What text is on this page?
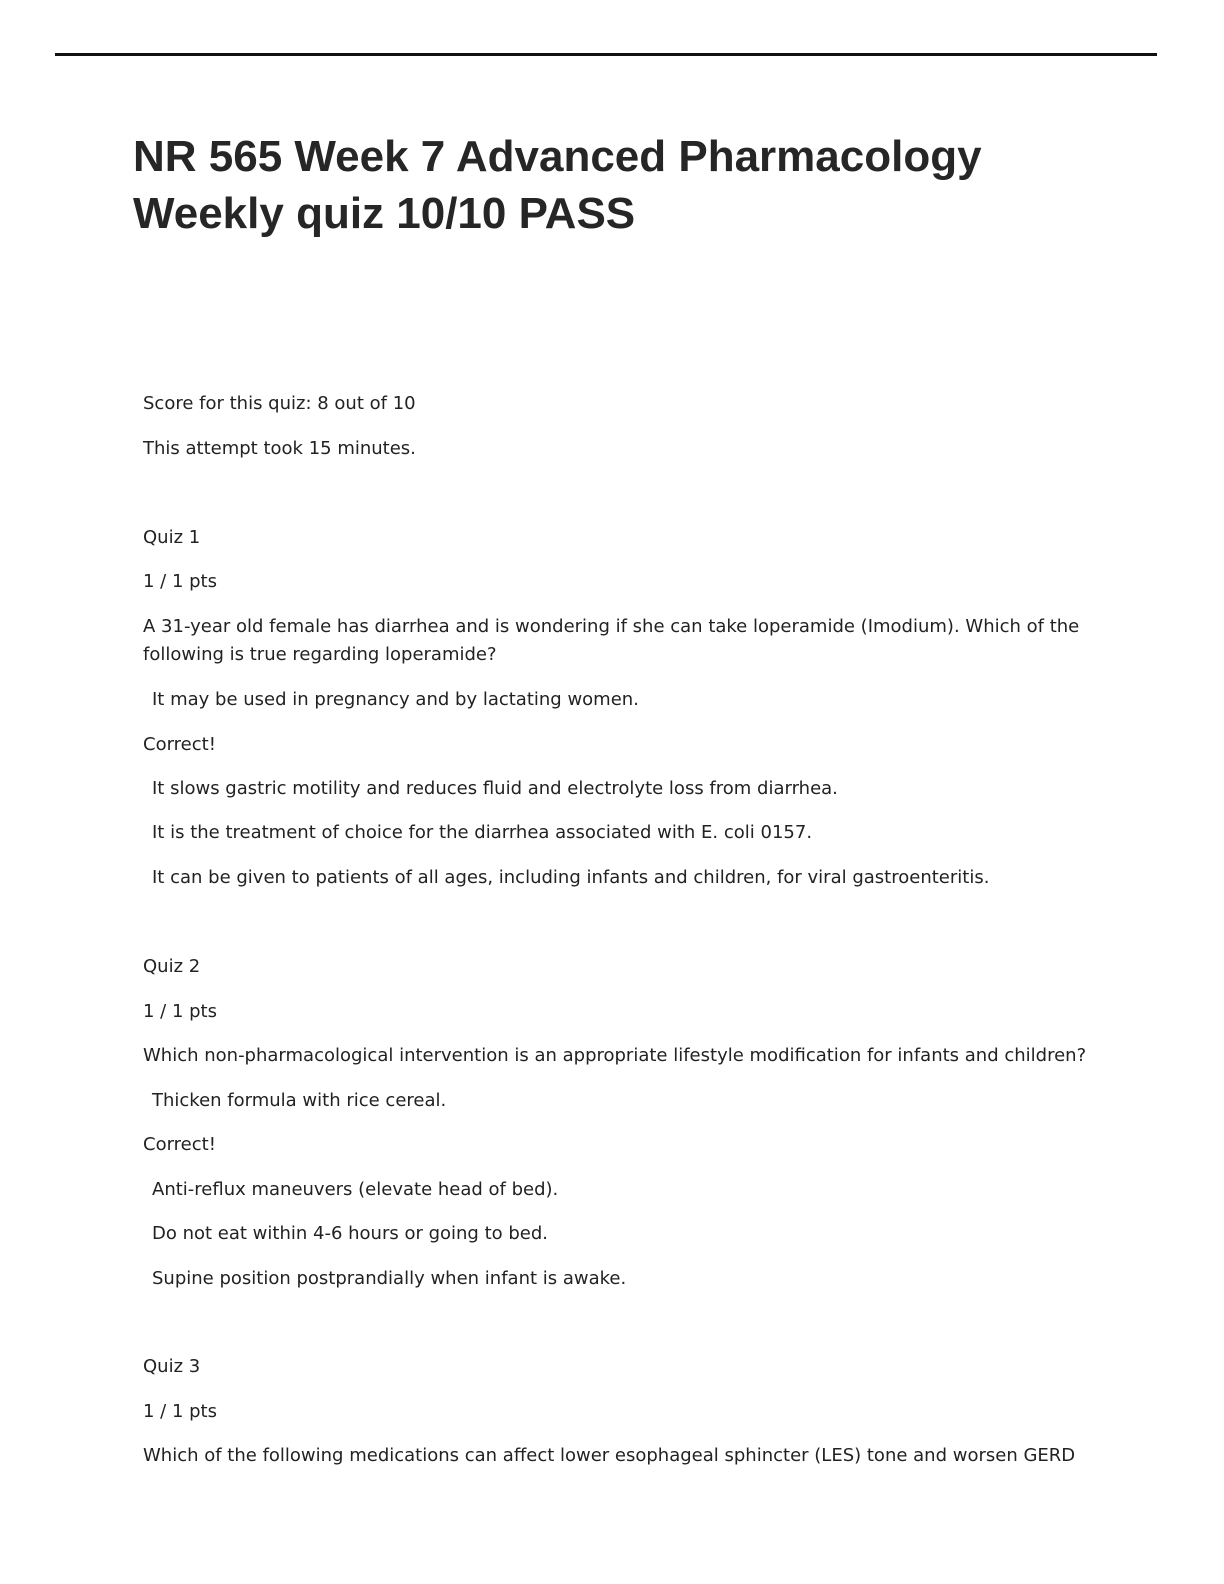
NR 565 Week 7 Advanced Pharmacology
Weekly quiz 10/10 PASS
Score for this quiz: 8 out of 10
This attempt took 15 minutes.
Quiz 1
1 / 1 pts
A 31-year old female has diarrhea and is wondering if she can take loperamide (Imodium). Which of the
following is true regarding loperamide?
It may be used in pregnancy and by lactating women.
Correct!
It slows gastric motility and reduces fluid and electrolyte loss from diarrhea.
It is the treatment of choice for the diarrhea associated with E. coli 0157.
It can be given to patients of all ages, including infants and children, for viral gastroenteritis.
Quiz 2
1 / 1 pts
Which non-pharmacological intervention is an appropriate lifestyle modification for infants and children?
Thicken formula with rice cereal.
Correct!
Anti-reflux maneuvers (elevate head of bed).
Do not eat within 4-6 hours or going to bed.
Supine position postprandially when infant is awake.
Quiz 3
1 / 1 pts
Which of the following medications can affect lower esophageal sphincter (LES) tone and worsen GERD
